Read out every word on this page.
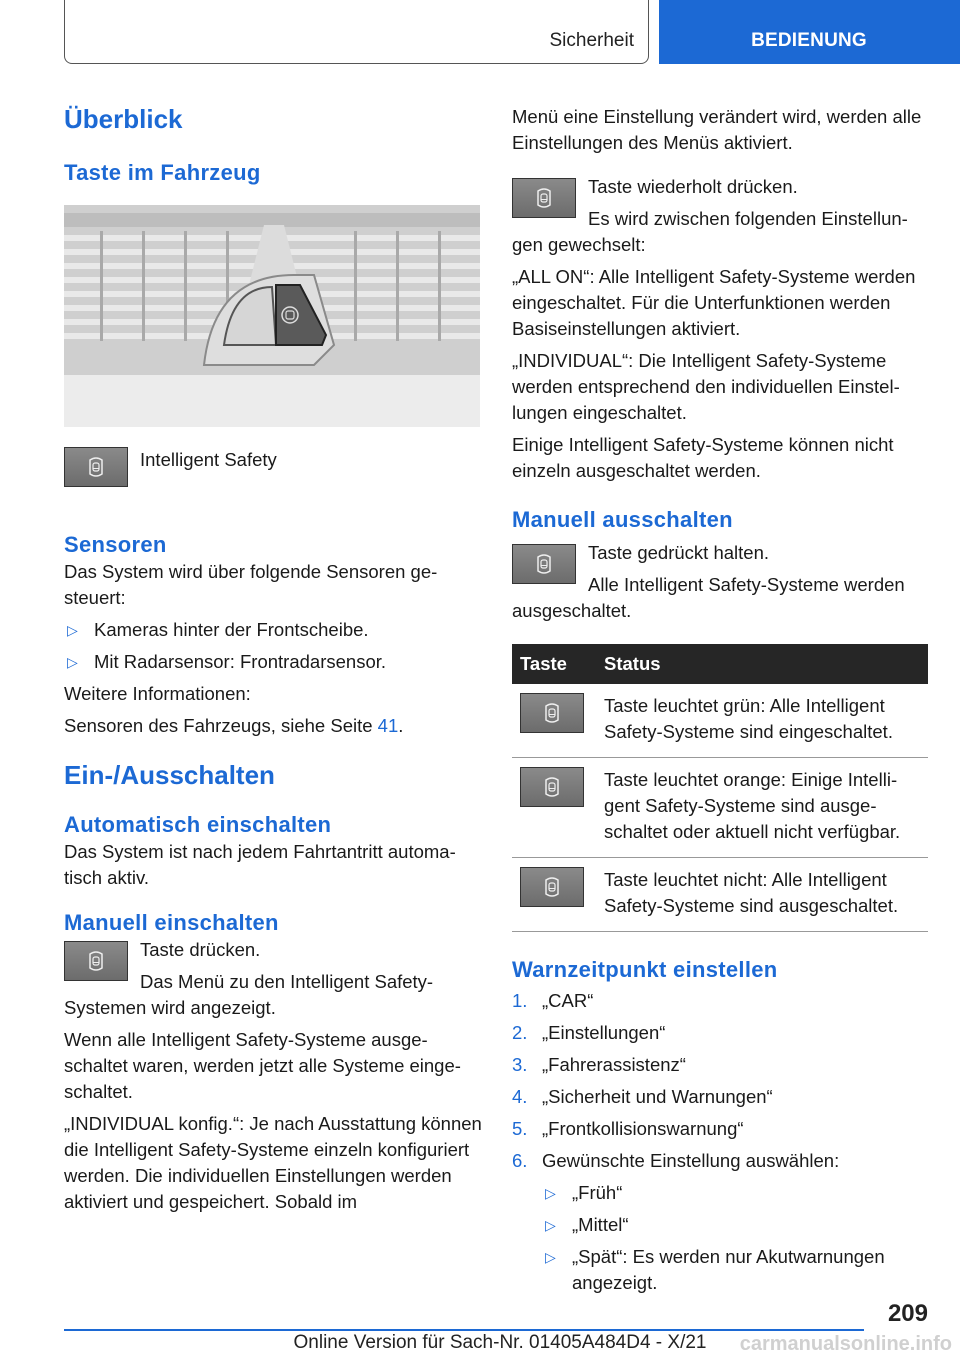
Sicherheit	BEDIENUNG
Überblick
Taste im Fahrzeug

Intelligent Safety

Sensoren

Das System wird über folgende Sensoren gesteuert:

▷ Kameras hinter der Frontscheibe.
▷ Mit Radarsensor: Frontradarsensor.

Weitere Informationen:

Sensoren des Fahrzeugs, siehe Seite 41.

Ein-/Ausschalten
Automatisch einschalten

Das System ist nach jedem Fahrtantritt automatisch aktiv.

Manuell einschalten

Taste drücken.

Das Menü zu den Intelligent Safety-Systemen wird angezeigt.

Wenn alle Intelligent Safety-Systeme ausgeschaltet waren, werden jetzt alle Systeme eingeschaltet.

„INDIVIDUAL konfig.“: Je nach Ausstattung können die Intelligent Safety-Systeme einzeln konfiguriert werden. Die individuellen Einstellungen werden aktiviert und gespeichert. Sobald im

Menü eine Einstellung verändert wird, werden alle Einstellungen des Menüs aktiviert.

Taste wiederholt drücken.

Es wird zwischen folgenden Einstellungen gewechselt:

„ALL ON“: Alle Intelligent Safety-Systeme werden eingeschaltet. Für die Unterfunktionen werden Basiseinstellungen aktiviert.

„INDIVIDUAL“: Die Intelligent Safety-Systeme werden entsprechend den individuellen Einstellungen eingeschaltet.

Einige Intelligent Safety-Systeme können nicht einzeln ausgeschaltet werden.

Manuell ausschalten

Taste gedrückt halten.

Alle Intelligent Safety-Systeme werden ausgeschaltet.

Taste	Status

	Taste leuchtet grün: Alle Intelligent Safety-Systeme sind eingeschaltet.

	Taste leuchtet orange: Einige Intelligent Safety-Systeme sind ausgeschaltet oder aktuell nicht verfügbar.

	Taste leuchtet nicht: Alle Intelligent Safety-Systeme sind ausgeschaltet.
Warnzeitpunkt einstellen
1. „CAR“
2. „Einstellungen“
3. „Fahrerassistenz“
4. „Sicherheit und Warnungen“
5. „Frontkollisionswarnung“
6. Gewünschte Einstellung auswählen:
▷ „Früh“
▷ „Mittel“
▷ „Spät“: Es werden nur Akutwarnungen angezeigt.
209
Online Version für Sach-Nr. 01405A484D4 - X/21	carmanualsonline.info
